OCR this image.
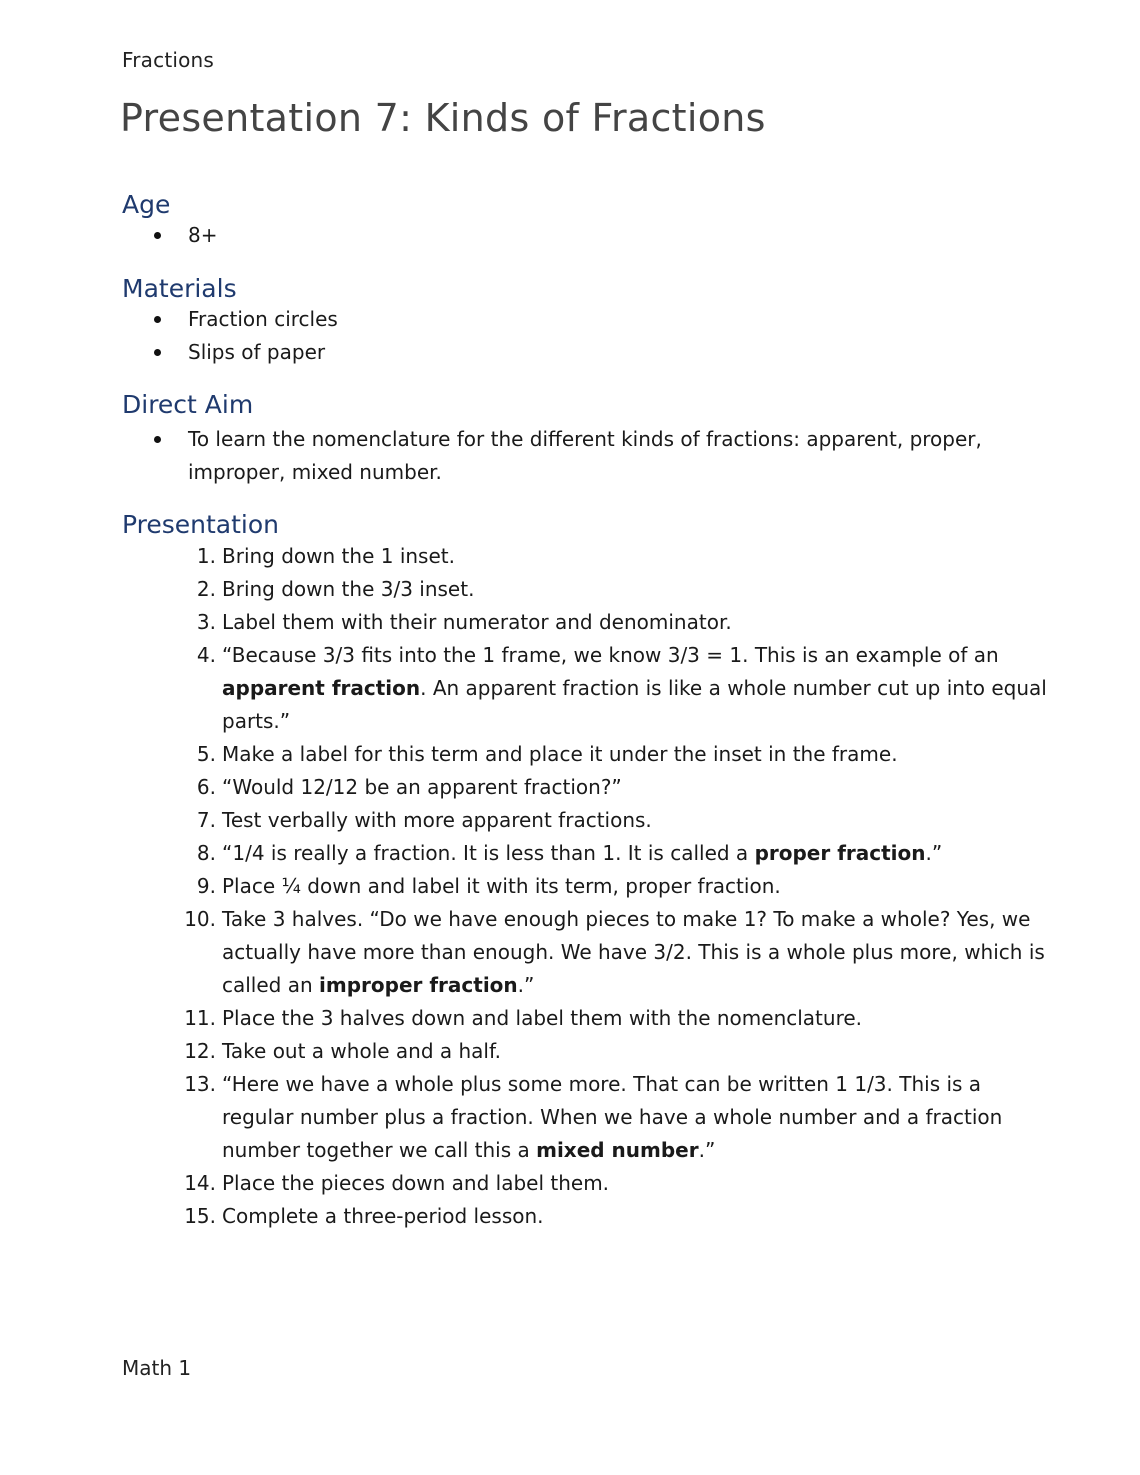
Fractions
Presentation 7: Kinds of Fractions
Age
8+
Materials
Fraction circles
Slips of paper
Direct Aim
To learn the nomenclature for the different kinds of fractions: apparent, proper, improper, mixed number.
Presentation
1. Bring down the 1 inset.
2. Bring down the 3/3 inset.
3. Label them with their numerator and denominator.
4. “Because 3/3 fits into the 1 frame, we know 3/3 = 1. This is an example of an apparent fraction. An apparent fraction is like a whole number cut up into equal parts.”
5. Make a label for this term and place it under the inset in the frame.
6. “Would 12/12 be an apparent fraction?”
7. Test verbally with more apparent fractions.
8. “1/4 is really a fraction. It is less than 1. It is called a proper fraction.”
9. Place ¼ down and label it with its term, proper fraction.
10. Take 3 halves. “Do we have enough pieces to make 1? To make a whole? Yes, we actually have more than enough. We have 3/2. This is a whole plus more, which is called an improper fraction.”
11. Place the 3 halves down and label them with the nomenclature.
12. Take out a whole and a half.
13. “Here we have a whole plus some more. That can be written 1 1/3. This is a regular number plus a fraction. When we have a whole number and a fraction number together we call this a mixed number.”
14. Place the pieces down and label them.
15. Complete a three-period lesson.
Math 1
